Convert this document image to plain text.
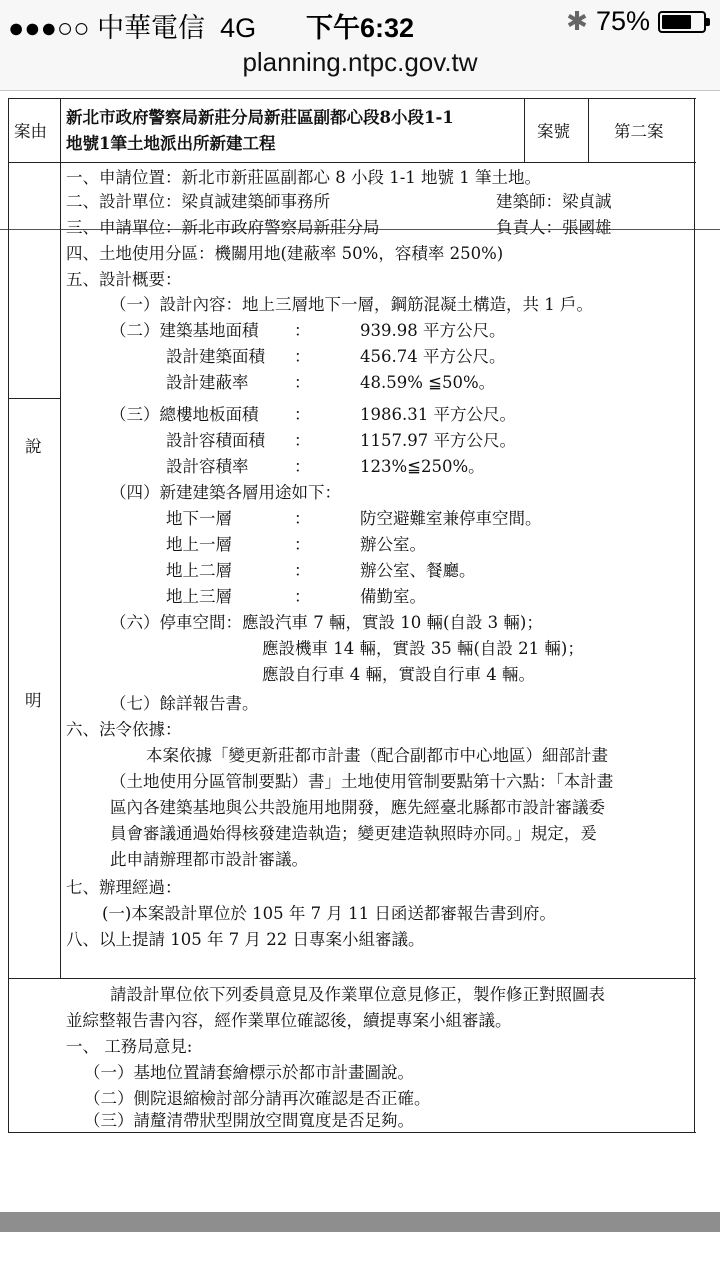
●●●○○ 中華電信 4G 下午6:32	✱ 75%
planning.ntpc.gov.tw
案由
新北市政府警察局新莊分局新莊區副都心段8小段1-1
地號1筆土地派出所新建工程
案號	第二案
說
明
一、申請位置：新北市新莊區副都心 8 小段 1-1 地號 1 筆土地。
二、設計單位：梁貞誠建築師事務所	建築師：梁貞誠
三、申請單位：新北市政府警察局新莊分局	負責人：張國雄
四、土地使用分區：機關用地(建蔽率 50%，容積率 250%)
五、設計概要：
（一）設計內容：地上三層地下一層，鋼筋混凝土構造，共 1 戶。
（二）建築基地面積 ：	939.98 平方公尺。
設計建築面積 ：	456.74 平方公尺。
設計建蔽率	：	48.59% ≦50%。
（三）總樓地板面積 ：	1986.31 平方公尺。
設計容積面積 ：	1157.97 平方公尺。
設計容積率	：	123%≦250%。
（四）新建建築各層用途如下：
地下一層	：	防空避難室兼停車空間。
地上一層	：	辦公室。
地上二層	：	辦公室、餐廳。
地上三層	：	備勤室。
（六）停車空間：應設汽車 7 輛，實設 10 輛(自設 3 輛)；
應設機車 14 輛，實設 35 輛(自設 21 輛)；
應設自行車 4 輛，實設自行車 4 輛。
（七）餘詳報告書。
六、法令依據：
本案依據「變更新莊都市計畫（配合副都市中心地區）細部計畫
（土地使用分區管制要點）書」土地使用管制要點第十六點：「本計畫
區內各建築基地與公共設施用地開發，應先經臺北縣都市設計審議委
員會審議通過始得核發建造執造；變更建造執照時亦同。」規定，爰
此申請辦理都市設計審議。
七、辦理經過：
(一)本案設計單位於 105 年 7 月 11 日函送都審報告書到府。
八、以上提請 105 年 7 月 22 日專案小組審議。
請設計單位依下列委員意見及作業單位意見修正，製作修正對照圖表
並綜整報告書內容，經作業單位確認後，續提專案小組審議。
一、 工務局意見:
（一）基地位置請套繪標示於都市計畫圖說。
（二）側院退縮檢討部分請再次確認是否正確。
（三）請釐清帶狀型開放空間寬度是否足夠。
